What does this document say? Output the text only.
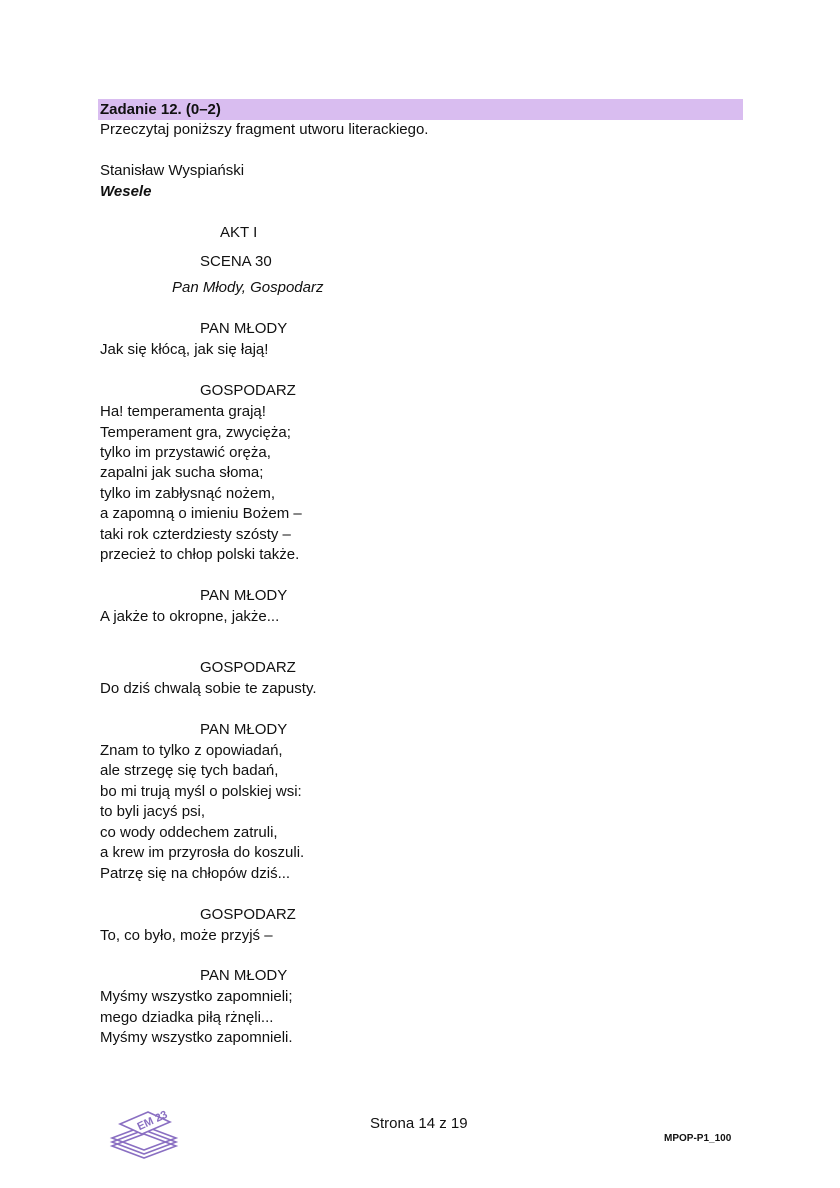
Zadanie 12. (0–2)
Przeczytaj poniższy fragment utworu literackiego.
Stanisław Wyspiański
Wesele
AKT I
SCENA 30
Pan Młody, Gospodarz
PAN MŁODY
Jak się kłócą, jak się łają!
GOSPODARZ
Ha! temperamenta grają!
Temperament gra, zwycięża;
tylko im przystawić oręża,
zapalni jak sucha słoma;
tylko im zabłysnąć nożem,
a zapomną o imieniu Bożem –
taki rok czterdziesty szósty –
przecież to chłop polski także.
PAN MŁODY
A jakże to okropne, jakże...
GOSPODARZ
Do dziś chwalą sobie te zapusty.
PAN MŁODY
Znam to tylko z opowiadań,
ale strzegę się tych badań,
bo mi trują myśl o polskiej wsi:
to byli jacyś psi,
co wody oddechem zatruli,
a krew im przyrosła do koszuli.
Patrzę się na chłopów dziś...
GOSPODARZ
To, co było, może przyjś –
PAN MŁODY
Myśmy wszystko zapomnieli;
mego dziadka piłą rżnęli...
Myśmy wszystko zapomnieli.
EM 23	Strona 14 z 19
MPOP-P1_100
